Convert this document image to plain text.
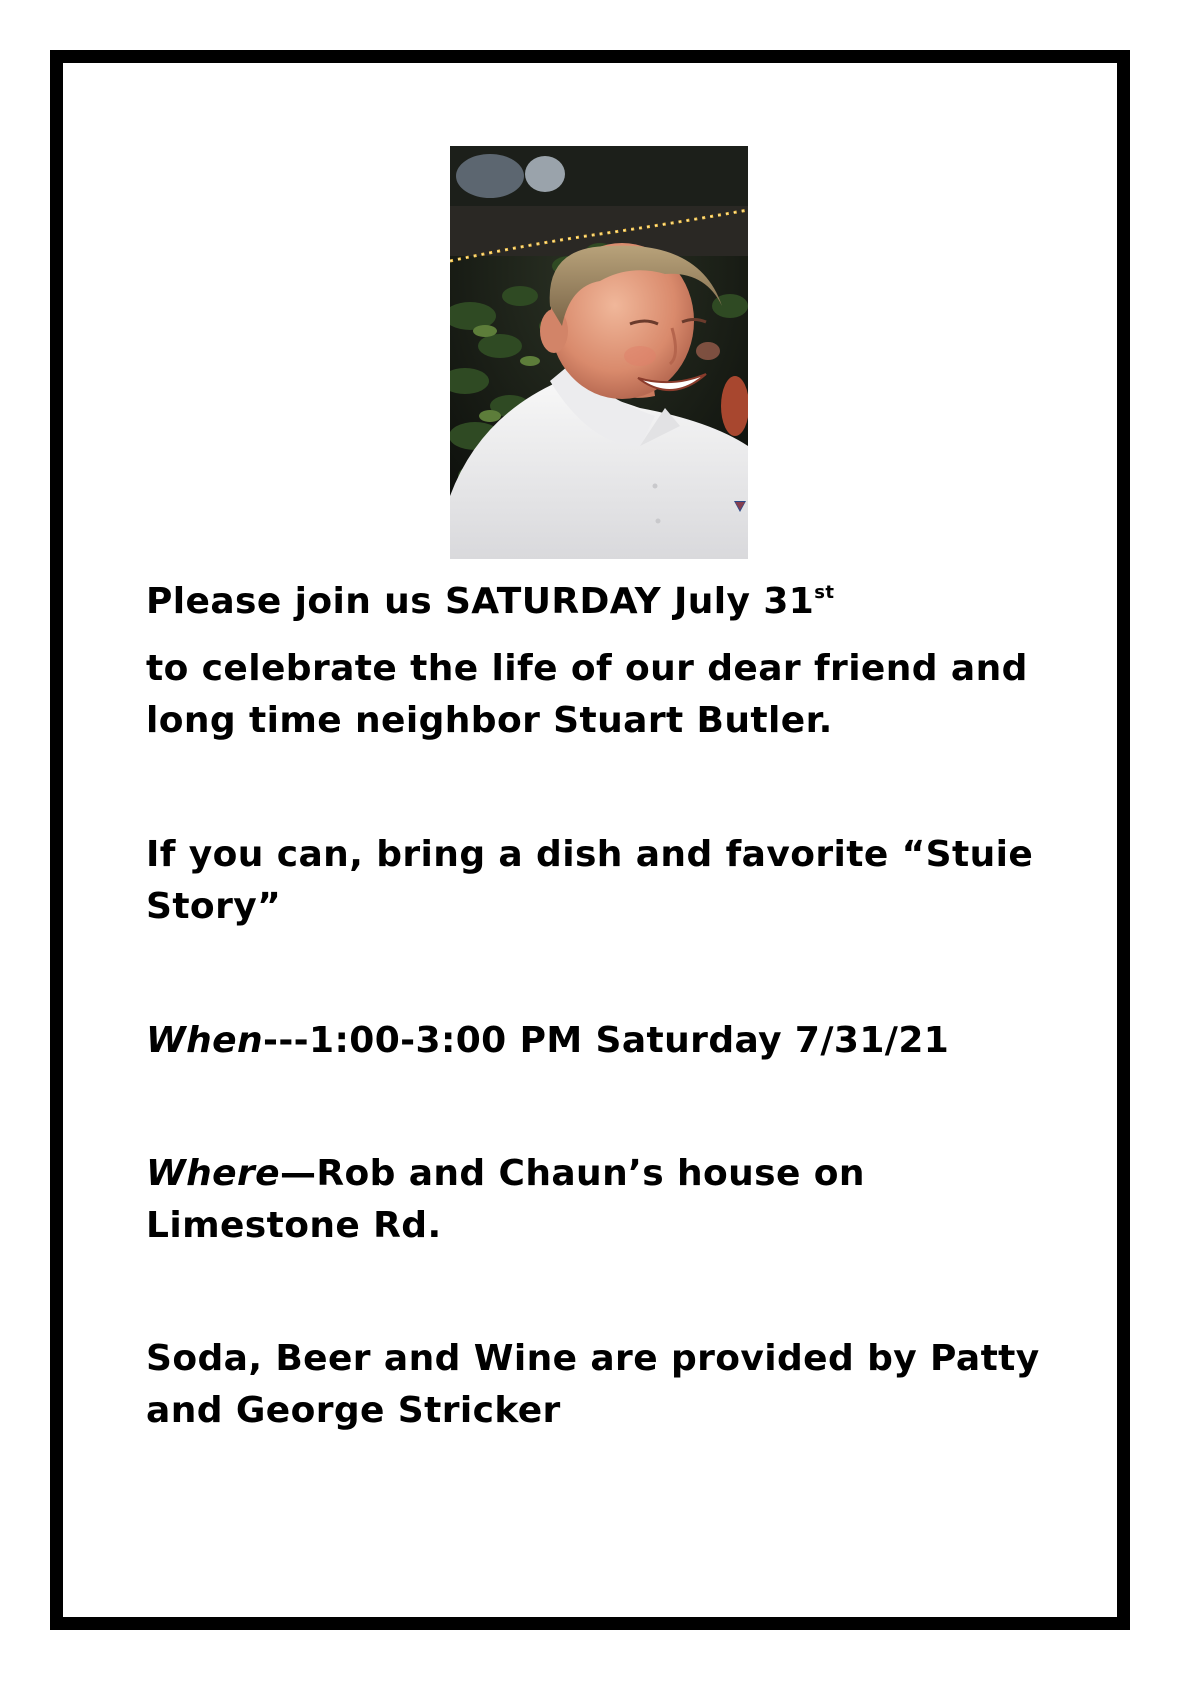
Please join us SATURDAY July 31st

to celebrate the life of our dear friend and long time neighbor Stuart Butler.

If you can, bring a dish and favorite “Stuie Story”

When---1:00-3:00 PM Saturday 7/31/21

Where—Rob and Chaun’s house on Limestone Rd.

Soda, Beer and Wine are provided by Patty and George Stricker
